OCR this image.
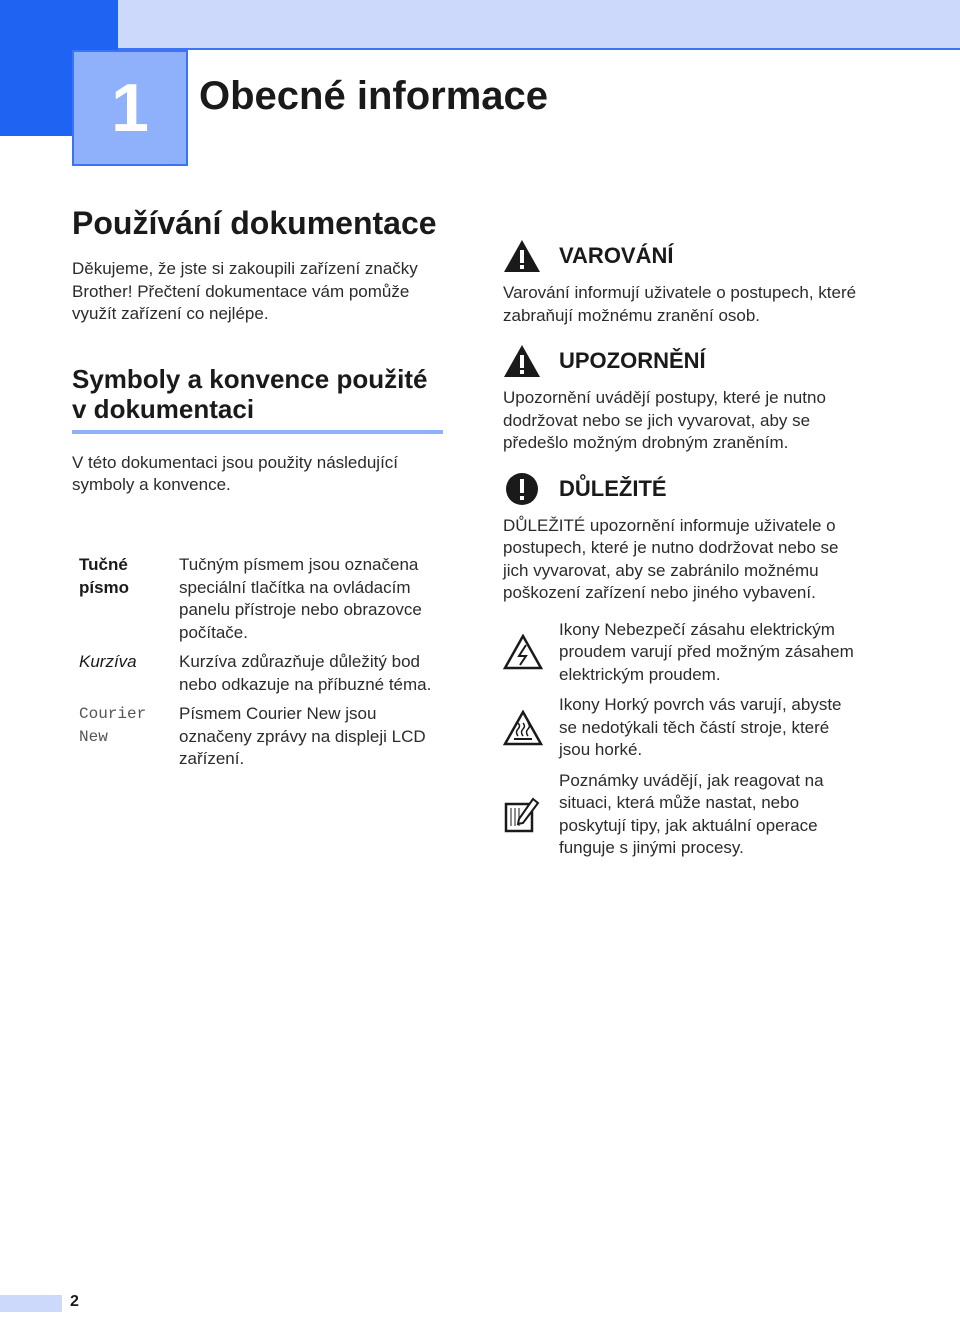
1	Obecné informace
Používání dokumentace

Děkujeme, že jste si zakoupili zařízení značky Brother! Přečtení dokumentace vám pomůže využít zařízení co nejlépe.

Symboly a konvence použité v dokumentaci

V této dokumentaci jsou použity následující symboly a konvence.

Tučné písmo
Tučným písmem jsou označena speciální tlačítka na ovládacím panelu přístroje nebo obrazovce počítače.
Kurzíva	Kurzíva zdůrazňuje důležitý bod nebo odkazuje na příbuzné téma.
Courier New
Písmem Courier New jsou označeny zprávy na displeji LCD zařízení.
VAROVÁNÍ
Varování informují uživatele o postupech, které zabraňují možnému zranění osob.
UPOZORNĚNÍ
Upozornění uvádějí postupy, které je nutno dodržovat nebo se jich vyvarovat, aby se předešlo možným drobným zraněním.
DŮLEŽITÉ
DŮLEŽITÉ upozornění informuje uživatele o postupech, které je nutno dodržovat nebo se jich vyvarovat, aby se zabránilo možnému poškození zařízení nebo jiného vybavení.
Ikony Nebezpečí zásahu elektrickým proudem varují před možným zásahem elektrickým proudem.
Ikony Horký povrch vás varují, abyste se nedotýkali těch částí stroje, které jsou horké.
Poznámky uvádějí, jak reagovat na situaci, která může nastat, nebo poskytují tipy, jak aktuální operace funguje s jinými procesy.
2
